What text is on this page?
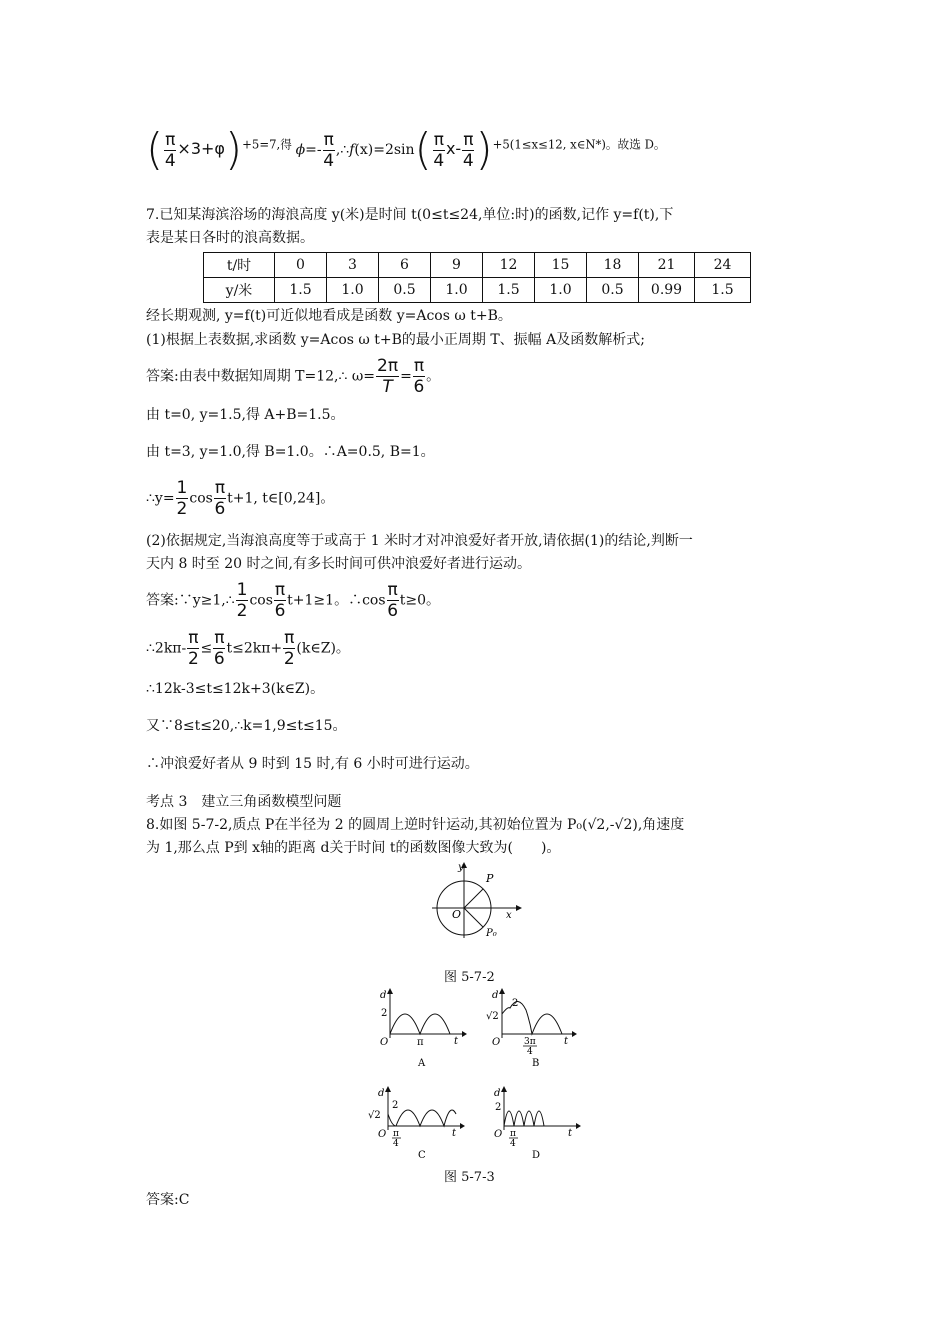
( $\frac{\pi}{4} \times 3+\varphi)^{+5=7,得}$ $\phi=- \frac{\pi}{4}$ ,∴f(x)=2sin( $\frac{\pi}{4} x- \frac{\pi}{4} )^{+5(1\le x\le 12, x\in N*)。故选 D。}$
7.已知某海滨浴场的海浪高度 y(米)是时间 t(0≤t≤24,单位:时)的函数,记作 y=f(t),下
表是某日各时的浪高数据。
t/时	0	3	6	9	12	15	18	21	24
y/米	1.5	1.0	0.5	1.0	1.5	1.0	0.5	0.99	1.5
经长期观测, y=f(t)可近似地看成是函数 y=Acos ω t+B。
(1)根据上表数据,求函数 y=Acos ω t+B的最小正周期 T、振幅 A及函数解析式;
答案:由表中数据知周期 T=12,∴ $\omega= \frac{2\pi}{T} = \frac{\pi}{6}$ 。
由 t=0, y=1.5,得 A+B=1.5。
由 t=3, y=1.0,得 B=1.0。∴A=0.5, B=1。
∴y= $\frac{1}{2}$ $\cos \frac{\pi}{6} t+1$, t∈[0,24]。
(2)依据规定,当海浪高度等于或高于 1 米时才对冲浪爱好者开放,请依据(1)的结论,判断一
天内 8 时至 20 时之间,有多长时间可供冲浪爱好者进行运动。
答案:∵y≥1,∴ $\frac{1}{2}$ $\cos \frac{\pi}{6} t+1\ge 1$。∴cos $\frac{\pi}{6} t\ge 0$。
∴2kπ- $\frac{\pi}{2} \le \frac{\pi}{6} t\le 2k\pi+ \frac{\pi}{2}$ (k∈Z)。
∴12k-3≤t≤12k+3(k∈Z)。
又∵8≤t≤20,∴k=1,9≤t≤15。
∴冲浪爱好者从 9 时到 15 时,有 6 小时可进行运动。
考点 3　建立三角函数模型问题
8.如图 5-7-2,质点 P在半径为 2 的圆周上逆时针运动,其初始位置为 P₀(√2,-√2),角速度
为 1,那么点 P到 x轴的距离 d关于时间 t的函数图像大致为(　　)。
P
y
O	x
P₀
图 5-7-2
d
2
O	π	t
A
d
2
√2
O	3π
4
t
B
d
2
√2
O π
4
t
C
d
2
O π
4
t
D
图 5-7-3
答案:C
